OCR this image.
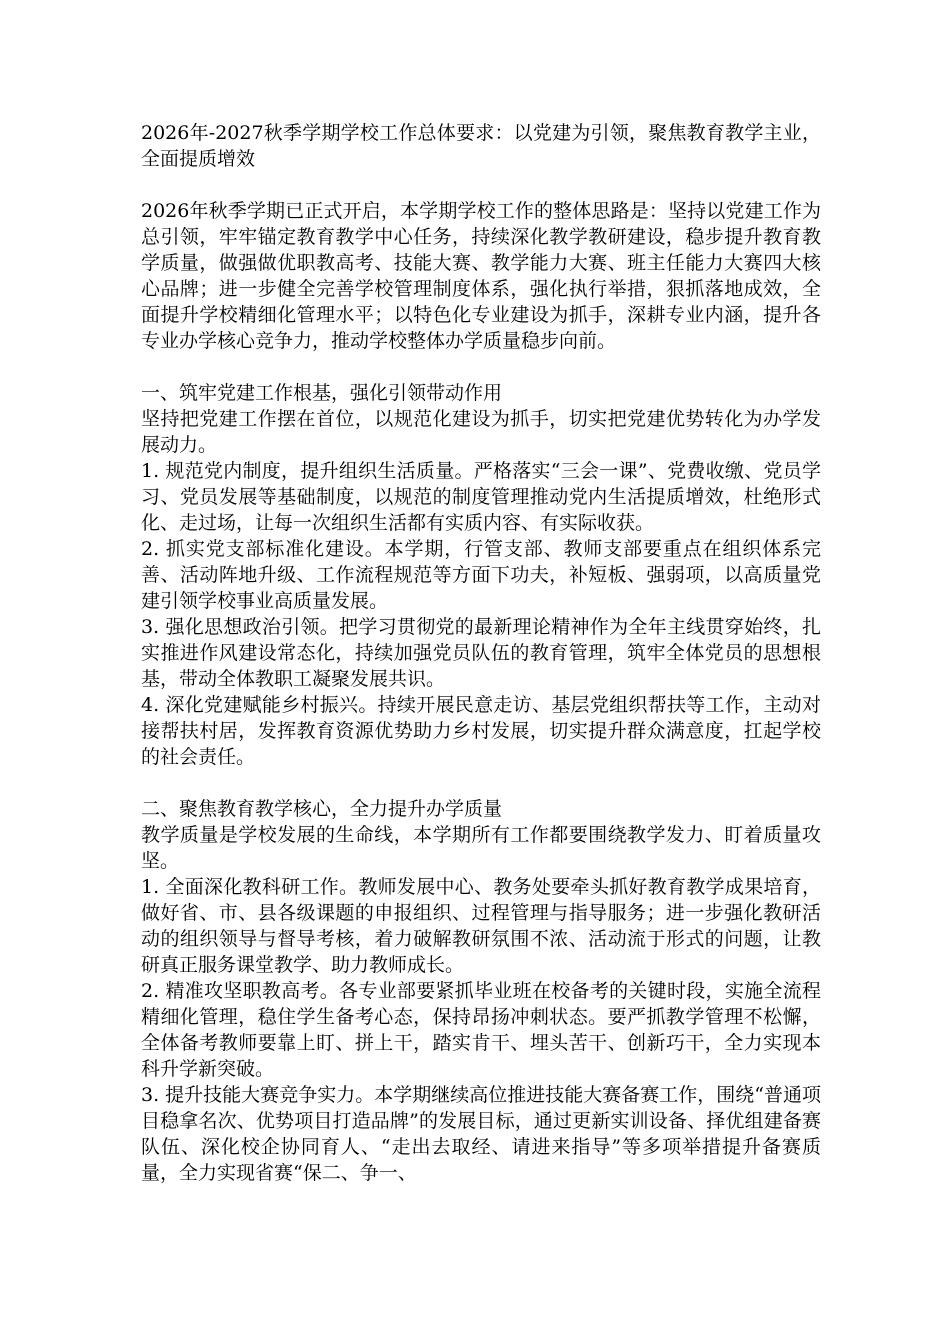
2026年-2027秋季学期学校工作总体要求：以党建为引领，聚焦教育教学主业，全面提质增效

2026年秋季学期已正式开启，本学期学校工作的整体思路是：坚持以党建工作为总引领，牢牢锚定教育教学中心任务，持续深化教学教研建设，稳步提升教育教学质量，做强做优职教高考、技能大赛、教学能力大赛、班主任能力大赛四大核心品牌；进一步健全完善学校管理制度体系，强化执行举措，狠抓落地成效，全面提升学校精细化管理水平；以特色化专业建设为抓手，深耕专业内涵，提升各专业办学核心竞争力，推动学校整体办学质量稳步向前。

一、筑牢党建工作根基，强化引领带动作用

坚持把党建工作摆在首位，以规范化建设为抓手，切实把党建优势转化为办学发展动力。

1. 规范党内制度，提升组织生活质量。严格落实“三会一课”、党费收缴、党员学习、党员发展等基础制度，以规范的制度管理推动党内生活提质增效，杜绝形式化、走过场，让每一次组织生活都有实质内容、有实际收获。

2. 抓实党支部标准化建设。本学期，行管支部、教师支部要重点在组织体系完善、活动阵地升级、工作流程规范等方面下功夫，补短板、强弱项，以高质量党建引领学校事业高质量发展。

3. 强化思想政治引领。把学习贯彻党的最新理论精神作为全年主线贯穿始终，扎实推进作风建设常态化，持续加强党员队伍的教育管理，筑牢全体党员的思想根基，带动全体教职工凝聚发展共识。

4. 深化党建赋能乡村振兴。持续开展民意走访、基层党组织帮扶等工作，主动对接帮扶村居，发挥教育资源优势助力乡村发展，切实提升群众满意度，扛起学校的社会责任。

二、聚焦教育教学核心，全力提升办学质量

教学质量是学校发展的生命线，本学期所有工作都要围绕教学发力、盯着质量攻坚。

1. 全面深化教科研工作。教师发展中心、教务处要牵头抓好教育教学成果培育，做好省、市、县各级课题的申报组织、过程管理与指导服务；进一步强化教研活动的组织领导与督导考核，着力破解教研氛围不浓、活动流于形式的问题，让教研真正服务课堂教学、助力教师成长。

2. 精准攻坚职教高考。各专业部要紧抓毕业班在校备考的关键时段，实施全流程精细化管理，稳住学生备考心态，保持昂扬冲刺状态。要严抓教学管理不松懈，全体备考教师要靠上盯、拼上干，踏实肯干、埋头苦干、创新巧干，全力实现本科升学新突破。

3. 提升技能大赛竞争实力。本学期继续高位推进技能大赛备赛工作，围绕“普通项目稳拿名次、优势项目打造品牌”的发展目标，通过更新实训设备、择优组建备赛队伍、深化校企协同育人、“走出去取经、请进来指导”等多项举措提升备赛质量，全力实现省赛“保二、争一、
